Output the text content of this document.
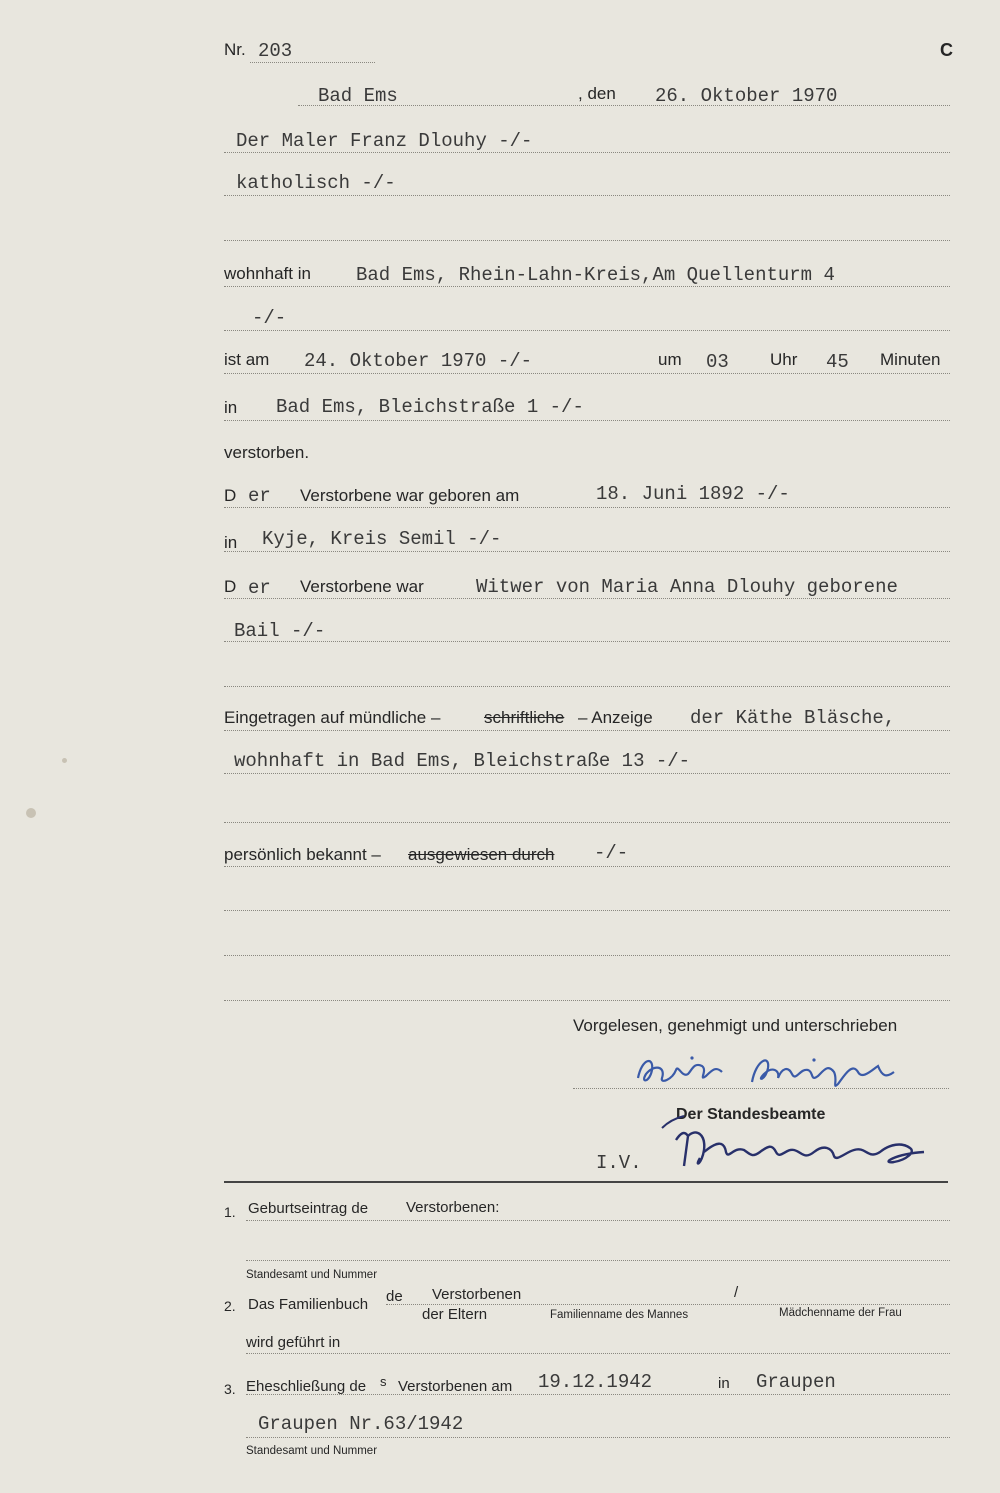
Nr. 203	C
Bad Ems	, den 26. Oktober 1970
Der Maler Franz Dlouhy -/-
katholisch -/-
wohnhaft in Bad Ems, Rhein-Lahn-Kreis,Am Quellenturm 4
-/-
ist am 24. Oktober 1970 -/-	um 03 Uhr 45 Minuten
in Bad Ems, Bleichstraße 1 -/-
verstorben.
D er Verstorbene war geboren am	18. Juni 1892 -/-
in Kyje, Kreis Semil -/-
D er Verstorbene war	Witwer von Maria Anna Dlouhy geborene
Bail -/-
Eingetragen auf mündliche –	schriftliche – Anzeige der Käthe Bläsche,
wohnhaft in Bad Ems, Bleichstraße 13 -/-
persönlich bekannt – ausgewiesen durch -/-
Vorgelesen, genehmigt und unterschrieben
Der Standesbeamte
I.V.
1. Geburtseintrag de	Verstorbenen:
Standesamt und Nummer
2. Das Familienbuch de Verstorbenen	/
der Eltern	Familienname des Mannes	Mädchenname der Frau
wird geführt in
3. Eheschließung de s Verstorbenen am 19.12.1942	in Graupen
Graupen Nr.63/1942
Standesamt und Nummer
